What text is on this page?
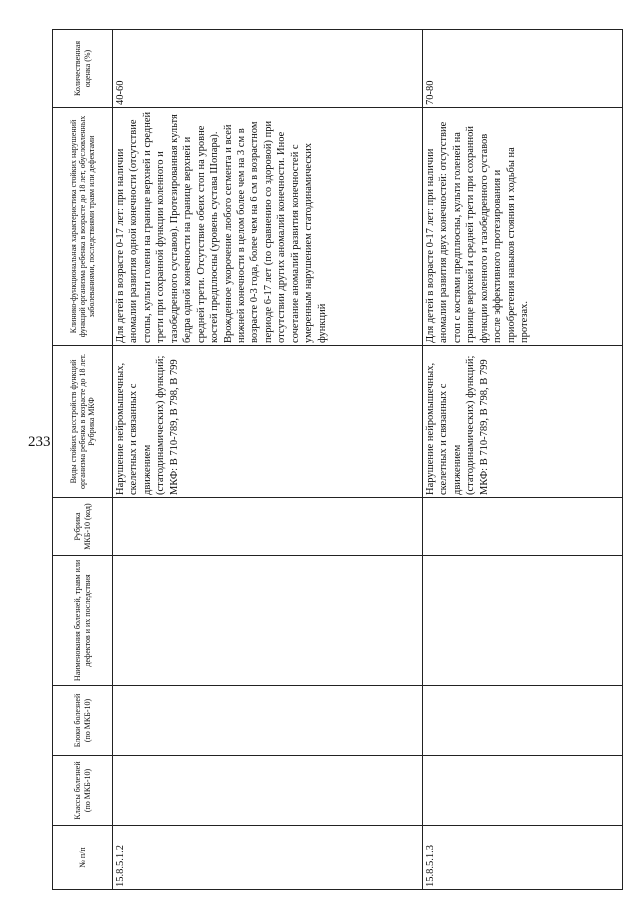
233
№ п/п	Классы болезней (по МКБ-10)	Блоки болезней (по МКБ-10)	Наименования болезней, травм или дефектов и их последствия	Рубрика МКБ-10 (код)	Виды стойких расстройств функций организма ребенка в возрасте до 18 лет. Рубрика МКФ	Клинико-функциональная характеристика стойких нарушений функций организма ребенка в возрасте до 18 лет, обусловленных заболеваниями, последствиями травм или дефектами	Количественная оценка (%)
15.8.5.1.2					Нарушение нейромышечных, скелетных и связанных с движением (статодинамических) функций; МКФ: В 710-789, В 798, В 799	Для детей в возрасте 0-17 лет: при наличии аномалии развития одной конечности (отсутствие стопы, культи голени на границе верхней и средней трети при сохранной функции коленного и тазобедренного суставов). Протезированная культя бедра одной конечности на границе верхней и средней трети. Отсутствие обеих стоп на уровне костей предплюсны (уровень сустава Шопара). Врожденное укорочение любого сегмента и всей нижней конечности в целом более чем на 3 см в возрасте 0-3 года, более чем на 6 см в возрастном периоде 6-17 лет (по сравнению со здоровой) при отсутствии других аномалий конечности. Иное сочетание аномалий развития конечностей с умеренным нарушением статодинамических функций	40-60
15.8.5.1.3					Нарушение нейромышечных, скелетных и связанных с движением (статодинамических) функций; МКФ: В 710-789, В 798, В 799	Для детей в возрасте 0-17 лет: при наличии аномалии развития двух конечностей: отсутствие стоп с костями предплюсны, культи голеней на границе верхней и средней трети при сохранной функции коленного и тазобедренного суставов после эффективного протезирования и приобретения навыков стояния и ходьбы на протезах.	70-80
